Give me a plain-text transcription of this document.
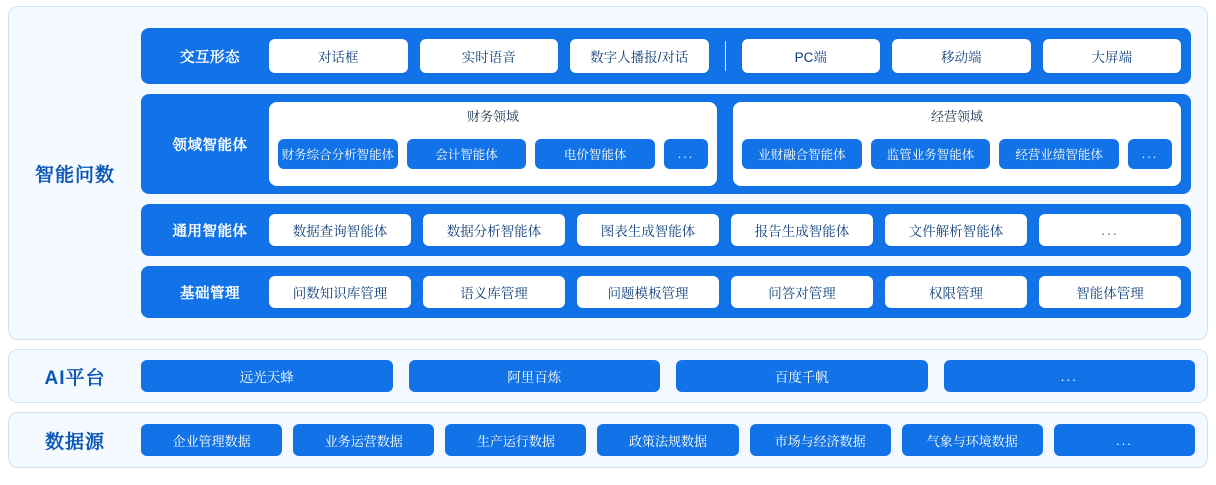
智能问数
交互形态	对话框	实时语音	数字人播报/对话	PC端	移动端	大屏端
领域智能体
财务领域
财务综合分析智能体	会计智能体	电价智能体	...
经营领域
业财融合智能体	监管业务智能体	经营业绩智能体	...
通用智能体	数据查询智能体	数据分析智能体	图表生成智能体	报告生成智能体	文件解析智能体	...
基础管理	问数知识库管理	语义库管理	问题模板管理	问答对管理	权限管理	智能体管理
AI平台	远光天蜂	阿里百炼	百度千帆	...
数据源	企业管理数据	业务运营数据	生产运行数据	政策法规数据	市场与经济数据	气象与环境数据	...
